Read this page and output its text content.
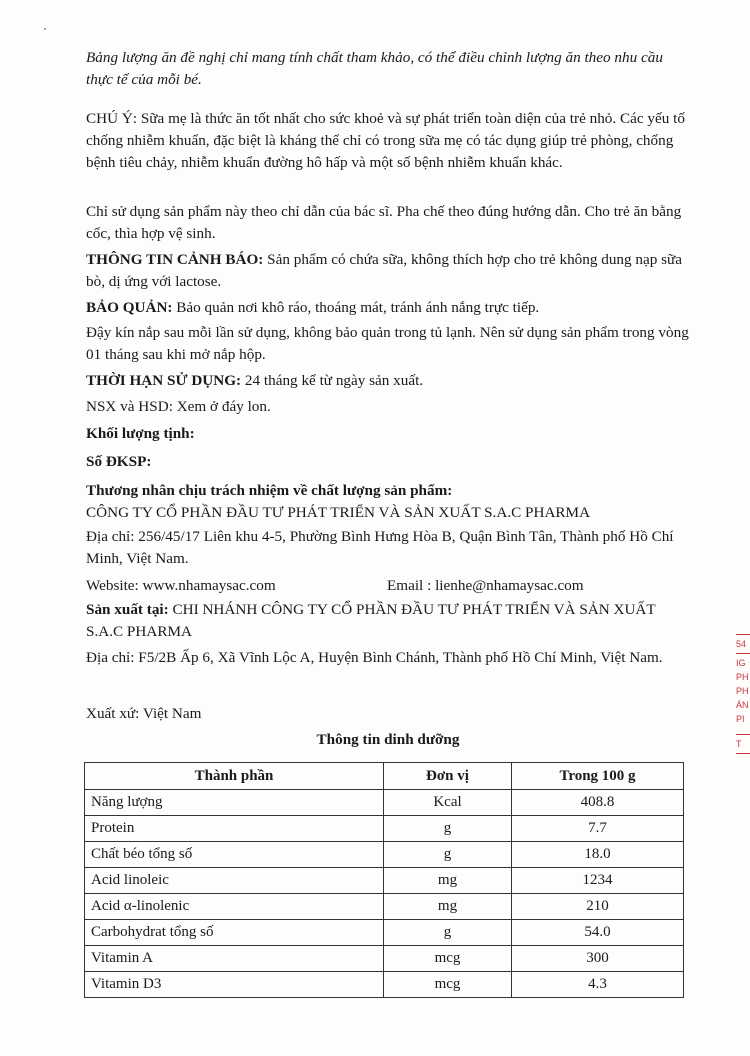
Bảng lượng ăn đề nghị chỉ mang tính chất tham khảo, có thể điều chỉnh lượng ăn theo nhu cầu thực tế của mỗi bé.

CHÚ Ý: Sữa mẹ là thức ăn tốt nhất cho sức khoẻ và sự phát triển toàn diện của trẻ nhỏ. Các yếu tố chống nhiễm khuẩn, đặc biệt là kháng thể chỉ có trong sữa mẹ có tác dụng giúp trẻ phòng, chống bệnh tiêu chảy, nhiễm khuẩn đường hô hấp và một số bệnh nhiễm khuẩn khác.

Chỉ sử dụng sản phẩm này theo chỉ dẫn của bác sĩ. Pha chế theo đúng hướng dẫn. Cho trẻ ăn bằng cốc, thìa hợp vệ sinh.

THÔNG TIN CẢNH BÁO: Sản phẩm có chứa sữa, không thích hợp cho trẻ không dung nạp sữa bò, dị ứng với lactose.

BẢO QUẢN: Bảo quản nơi khô ráo, thoáng mát, tránh ánh nắng trực tiếp.

Đậy kín nắp sau mỗi lần sử dụng, không bảo quản trong tủ lạnh. Nên sử dụng sản phẩm trong vòng 01 tháng sau khi mở nắp hộp.

THỜI HẠN SỬ DỤNG: 24 tháng kể từ ngày sản xuất.

NSX và HSD: Xem ở đáy lon.

Khối lượng tịnh:

Số ĐKSP:

Thương nhân chịu trách nhiệm về chất lượng sản phẩm:

CÔNG TY CỔ PHẦN ĐẦU TƯ PHÁT TRIỂN VÀ SẢN XUẤT S.A.C PHARMA

Địa chỉ: 256/45/17 Liên khu 4-5, Phường Bình Hưng Hòa B, Quận Bình Tân, Thành phố Hồ Chí Minh, Việt Nam.

Website: www.nhamaysac.com	Email : lienhe@nhamaysac.com

Sản xuất tại: CHI NHÁNH CÔNG TY CỔ PHẦN ĐẦU TƯ PHÁT TRIỂN VÀ SẢN XUẤT S.A.C PHARMA

Địa chỉ: F5/2B Ấp 6, Xã Vĩnh Lộc A, Huyện Bình Chánh, Thành phố Hồ Chí Minh, Việt Nam.

Xuất xứ: Việt Nam

Thông tin dinh dưỡng
Thành phần	Đơn vị	Trong 100 g
Năng lượng	Kcal	408.8
Protein	g	7.7
Chất béo tổng số	g	18.0
Acid linoleic	mg	1234
Acid α-linolenic	mg	210
Carbohydrat tổng số	g	54.0
Vitamin A	mcg	300
Vitamin D3	mcg	4.3
54
IG
PH
PH
ÁN
PI
T
